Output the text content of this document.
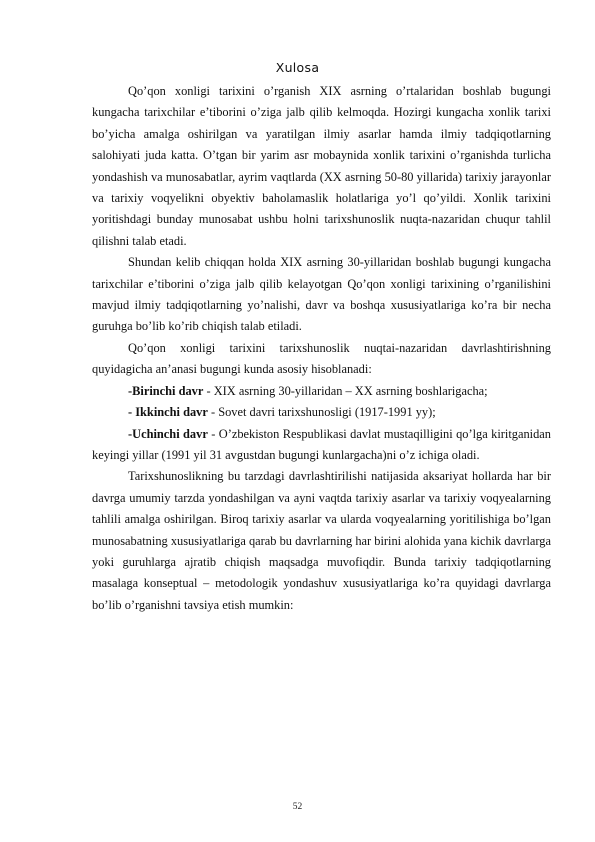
Xulosa

Qo’qon xonligi tarixini o’rganish XIX asrning o’rtalaridan boshlab bugungi kungacha tarixchilar e’tiborini o’ziga jalb qilib kelmoqda. Hozirgi kungacha xonlik tarixi bo’yicha amalga oshirilgan va yaratilgan ilmiy asarlar hamda ilmiy tadqiqotlarning salohiyati juda katta. O’tgan bir yarim asr mobaynida xonlik tarixini o’rganishda turlicha yondashish va munosabatlar, ayrim vaqtlarda (XX asrning 50-80 yillarida) tarixiy jarayonlar va tarixiy voqyelikni obyektiv baholamaslik holatlariga yo’l qo’yildi. Xonlik tarixini yoritishdagi bunday munosabat ushbu holni tarixshunoslik nuqta-nazaridan chuqur tahlil qilishni talab etadi.

Shundan kelib chiqqan holda XIX asrning 30-yillaridan boshlab bugungi kungacha tarixchilar e’tiborini o’ziga jalb qilib kelayotgan Qo’qon xonligi tarixining o’rganilishini mavjud ilmiy tadqiqotlarning yo’nalishi, davr va boshqa xususiyatlariga ko’ra bir necha guruhga bo’lib ko’rib chiqish talab etiladi.

Qo’qon xonligi tarixini tarixshunoslik nuqtai-nazaridan davrlashtirishning quyidagicha an’anasi bugungi kunda asosiy hisoblanadi:

-Birinchi davr - XIX asrning 30-yillaridan – XX asrning boshlarigacha;

- Ikkinchi davr - Sovet davri tarixshunosligi (1917-1991 yy);

-Uchinchi davr - O’zbekiston Respublikasi davlat mustaqilligini qo’lga kiritganidan keyingi yillar (1991 yil 31 avgustdan bugungi kunlargacha)ni o’z ichiga oladi.

Tarixshunoslikning bu tarzdagi davrlashtirilishi natijasida aksariyat hollarda har bir davrga umumiy tarzda yondashilgan va ayni vaqtda tarixiy asarlar va tarixiy voqyealarning tahlili amalga oshirilgan. Biroq tarixiy asarlar va ularda voqyealarning yoritilishiga bo’lgan munosabatning xususiyatlariga qarab bu davrlarning har birini alohida yana kichik davrlarga yoki guruhlarga ajratib chiqish maqsadga muvofiqdir. Bunda tarixiy tadqiqotlarning masalaga konseptual – metodologik yondashuv xususiyatlariga ko’ra quyidagi davrlarga bo’lib o’rganishni tavsiya etish mumkin:

52
